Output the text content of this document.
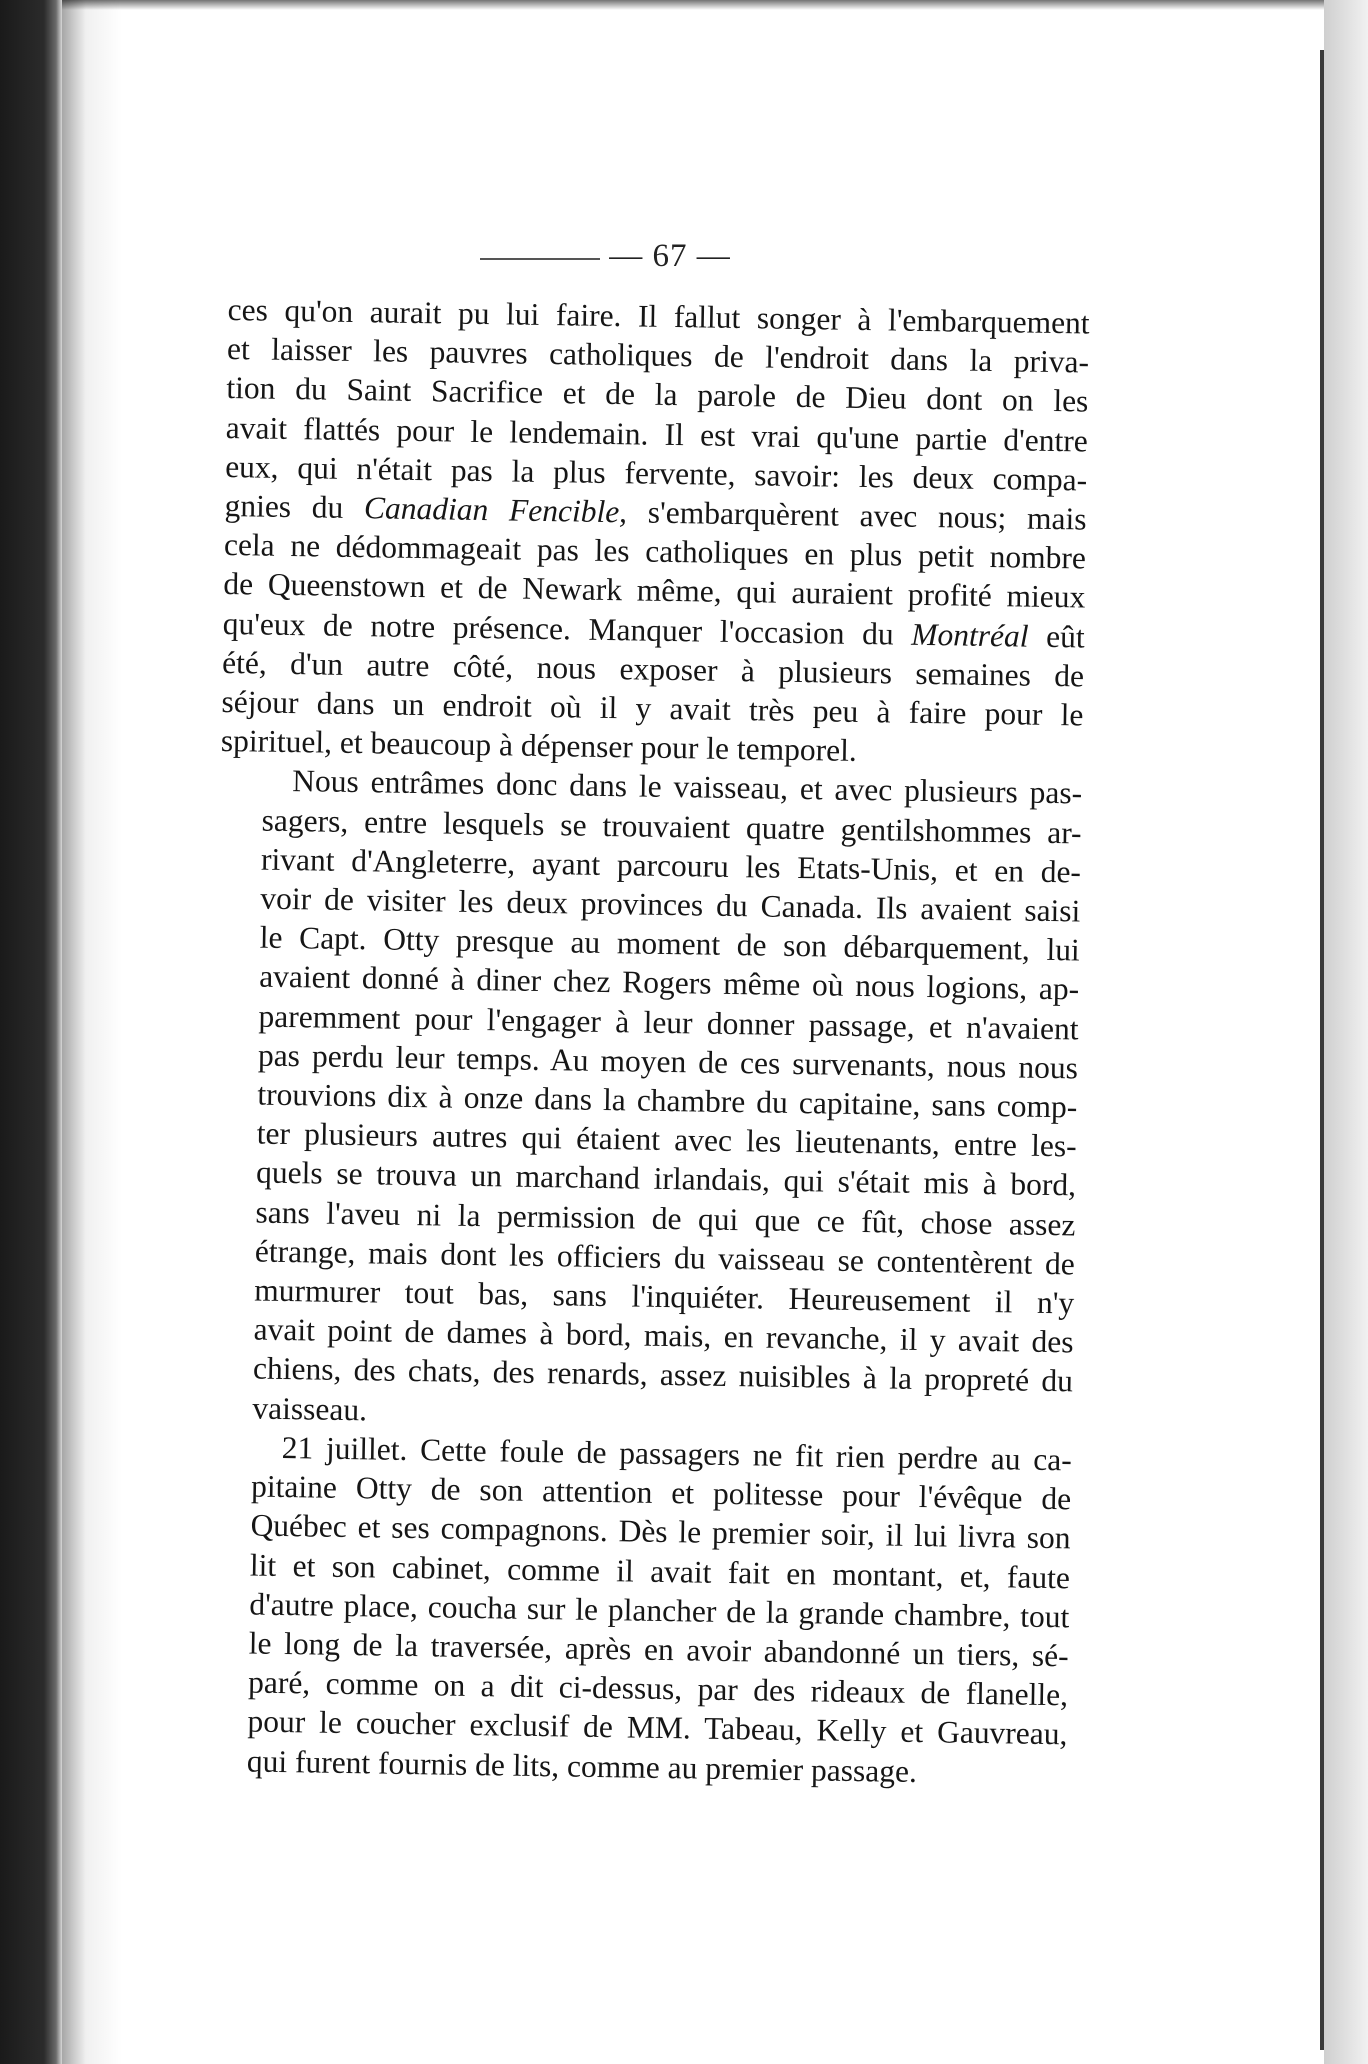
— 67 —

ces qu'on aurait pu lui faire. Il fallut songer à l'embarquement
et laisser les pauvres catholiques de l'endroit dans la priva-
tion du Saint Sacrifice et de la parole de Dieu dont on les
avait flattés pour le lendemain. Il est vrai qu'une partie d'entre
eux, qui n'était pas la plus fervente, savoir: les deux compa-
gnies du Canadian Fencible, s'embarquèrent avec nous; mais
cela ne dédommageait pas les catholiques en plus petit nombre
de Queenstown et de Newark même, qui auraient profité mieux
qu'eux de notre présence. Manquer l'occasion du Montréal eût
été, d'un autre côté, nous exposer à plusieurs semaines de
séjour dans un endroit où il y avait très peu à faire pour le
spirituel, et beaucoup à dépenser pour le temporel.

Nous entrâmes donc dans le vaisseau, et avec plusieurs pas-
sagers, entre lesquels se trouvaient quatre gentilshommes ar-
rivant d'Angleterre, ayant parcouru les Etats-Unis, et en de-
voir de visiter les deux provinces du Canada. Ils avaient saisi
le Capt. Otty presque au moment de son débarquement, lui
avaient donné à diner chez Rogers même où nous logions, ap-
paremment pour l'engager à leur donner passage, et n'avaient
pas perdu leur temps. Au moyen de ces survenants, nous nous
trouvions dix à onze dans la chambre du capitaine, sans comp-
ter plusieurs autres qui étaient avec les lieutenants, entre les-
quels se trouva un marchand irlandais, qui s'était mis à bord,
sans l'aveu ni la permission de qui que ce fût, chose assez
étrange, mais dont les officiers du vaisseau se contentèrent de
murmurer tout bas, sans l'inquiéter. Heureusement il n'y
avait point de dames à bord, mais, en revanche, il y avait des
chiens, des chats, des renards, assez nuisibles à la propreté du
vaisseau.

21 juillet. Cette foule de passagers ne fit rien perdre au ca-
pitaine Otty de son attention et politesse pour l'évêque de
Québec et ses compagnons. Dès le premier soir, il lui livra son
lit et son cabinet, comme il avait fait en montant, et, faute
d'autre place, coucha sur le plancher de la grande chambre, tout
le long de la traversée, après en avoir abandonné un tiers, sé-
paré, comme on a dit ci-dessus, par des rideaux de flanelle,
pour le coucher exclusif de MM. Tabeau, Kelly et Gauvreau,
qui furent fournis de lits, comme au premier passage.
